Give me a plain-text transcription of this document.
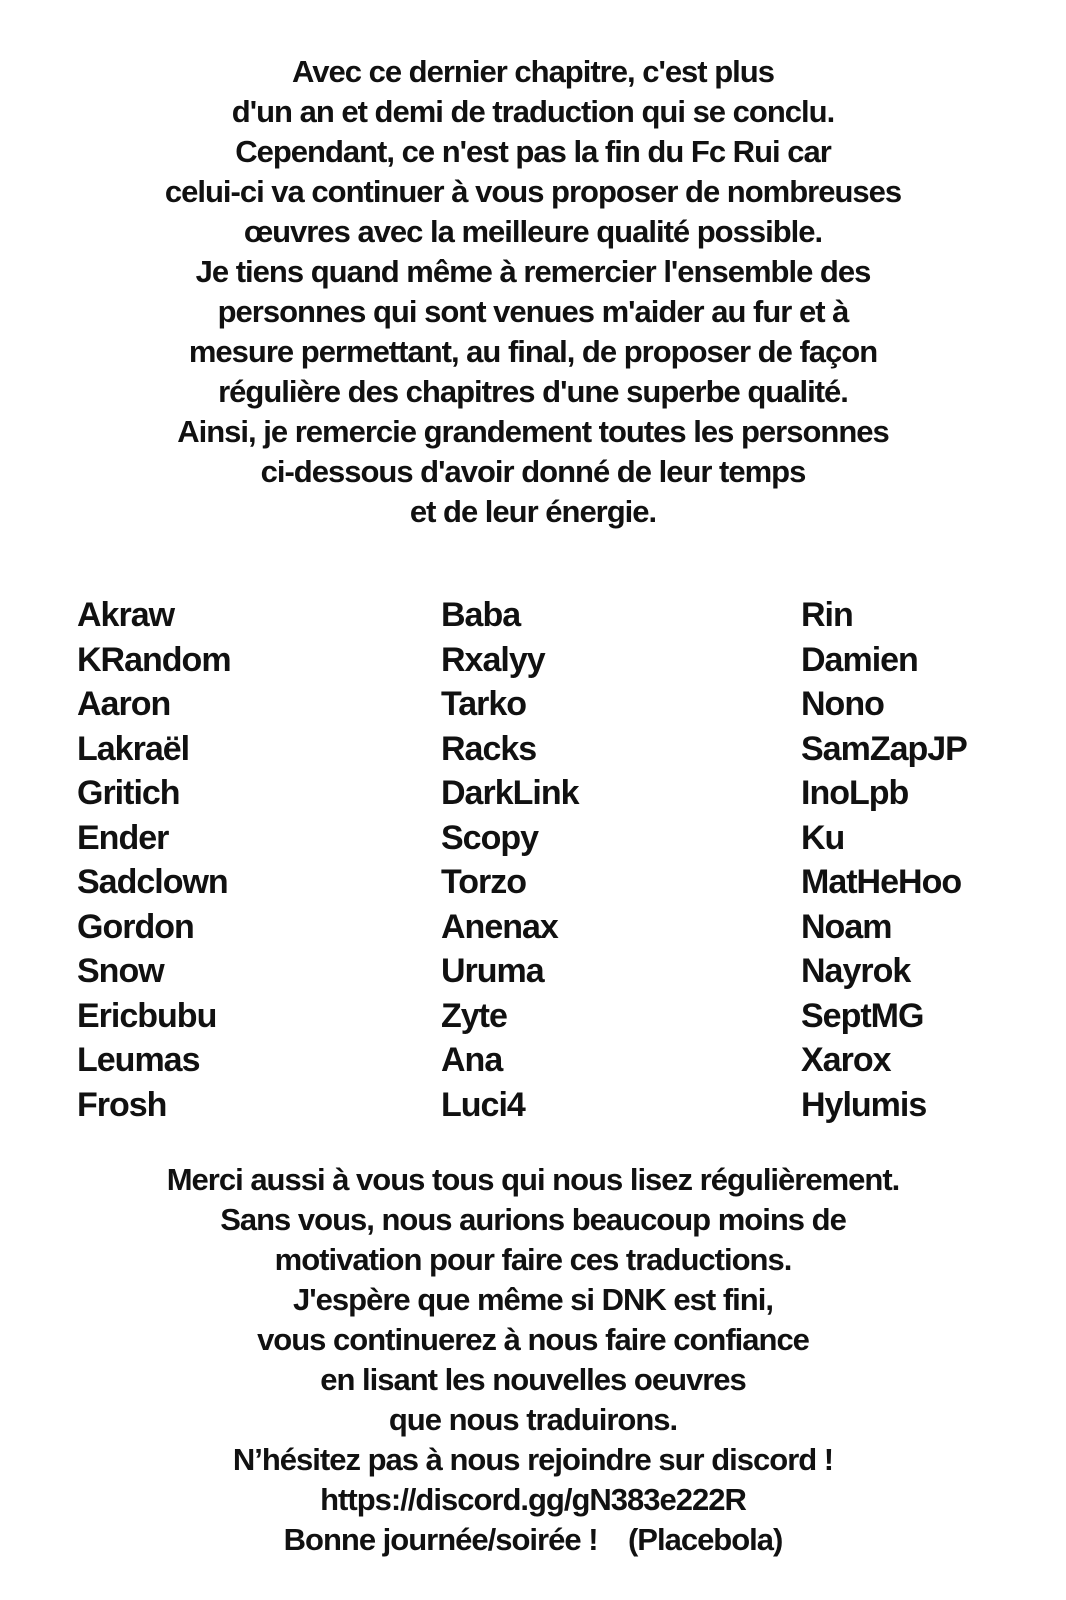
Avec ce dernier chapitre, c'est plus
d'un an et demi de traduction qui se conclu.
Cependant, ce n'est pas la fin du Fc Rui car
celui-ci va continuer à vous proposer de nombreuses
œuvres avec la meilleure qualité possible.
Je tiens quand même à remercier l'ensemble des
personnes qui sont venues m'aider au fur et à
mesure permettant, au final, de proposer de façon
régulière des chapitres d'une superbe qualité.
Ainsi, je remercie grandement toutes les personnes
ci-dessous d'avoir donné de leur temps
et de leur énergie.
Akraw
KRandom
Aaron
Lakraël
Gritich
Ender
Sadclown
Gordon
Snow
Ericbubu
Leumas
Frosh
Baba
Rxalyy
Tarko
Racks
DarkLink
Scopy
Torzo
Anenax
Uruma
Zyte
Ana
Luci4
Rin
Damien
Nono
SamZapJP
InoLpb
Ku
MatHeHoo
Noam
Nayrok
SeptMG
Xarox
Hylumis
Merci aussi à vous tous qui nous lisez régulièrement.
Sans vous, nous aurions beaucoup moins de
motivation pour faire ces traductions.
J'espère que même si DNK est fini,
vous continuerez à nous faire confiance
en lisant les nouvelles oeuvres
que nous traduirons.
N’hésitez pas à nous rejoindre sur discord !
https://discord.gg/gN383e222R
Bonne journée/soirée !    (Placebola)
